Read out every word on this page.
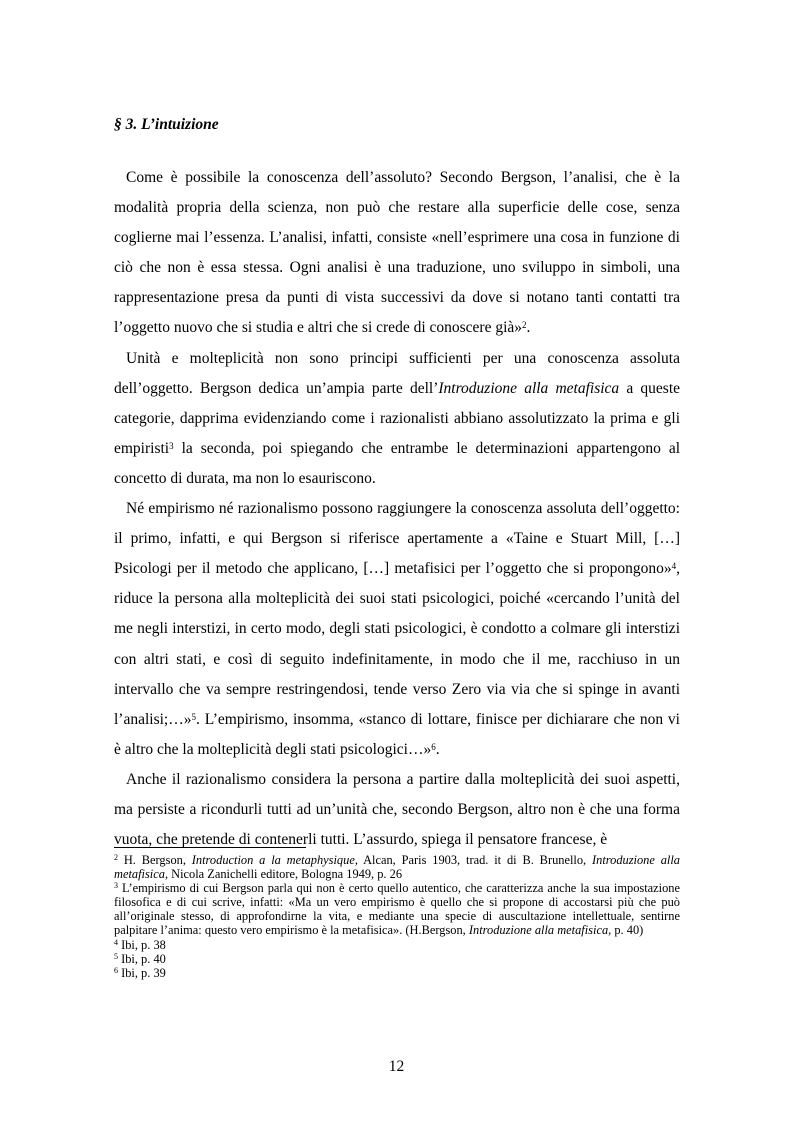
§ 3. L’intuizione

Come è possibile la conoscenza dell’assoluto? Secondo Bergson, l’analisi, che è la modalità propria della scienza, non può che restare alla superficie delle cose, senza coglierne mai l’essenza. L’analisi, infatti, consiste «nell’esprimere una cosa in funzione di ciò che non è essa stessa. Ogni analisi è una traduzione, uno sviluppo in simboli, una rappresentazione presa da punti di vista successivi da dove si notano tanti contatti tra l’oggetto nuovo che si studia e altri che si crede di conoscere già»$^2$.

Unità e molteplicità non sono principi sufficienti per una conoscenza assoluta dell’oggetto. Bergson dedica un’ampia parte dell’Introduzione alla metafisica a queste categorie, dapprima evidenziando come i razionalisti abbiano assolutizzato la prima e gli empiristi$^3$ la seconda, poi spiegando che entrambe le determinazioni appartengono al concetto di durata, ma non lo esauriscono.

Né empirismo né razionalismo possono raggiungere la conoscenza assoluta dell’oggetto: il primo, infatti, e qui Bergson si riferisce apertamente a «Taine e Stuart Mill, […] Psicologi per il metodo che applicano, […] metafisici per l’oggetto che si propongono»$^4$, riduce la persona alla molteplicità dei suoi stati psicologici, poiché «cercando l’unità del me negli interstizi, in certo modo, degli stati psicologici, è condotto a colmare gli interstizi con altri stati, e così di seguito indefinitamente, in modo che il me, racchiuso in un intervallo che va sempre restringendosi, tende verso Zero via via che si spinge in avanti l’analisi;…»$^5$. L’empirismo, insomma, «stanco di lottare, finisce per dichiarare che non vi è altro che la molteplicità degli stati psicologici…»$^6$.

Anche il razionalismo considera la persona a partire dalla molteplicità dei suoi aspetti, ma persiste a ricondurli tutti ad un’unità che, secondo Bergson, altro non è che una forma vuota, che pretende di contenerli tutti. L’assurdo, spiega il pensatore francese, è

$^2$ H. Bergson, Introduction a la metaphysique, Alcan, Paris 1903, trad. it di B. Brunello, Introduzione alla metafisica, Nicola Zanichelli editore, Bologna 1949, p. 26

$^3$ L’empirismo di cui Bergson parla qui non è certo quello autentico, che caratterizza anche la sua impostazione filosofica e di cui scrive, infatti: «Ma un vero empirismo è quello che si propone di accostarsi più che può all’originale stesso, di approfondirne la vita, e mediante una specie di auscultazione intellettuale, sentirne palpitare l’anima: questo vero empirismo è la metafisica». (H.Bergson, Introduzione alla metafisica, p. 40)

$^4$ Ibi, p. 38

$^5$ Ibi, p. 40

$^6$ Ibi, p. 39

12
